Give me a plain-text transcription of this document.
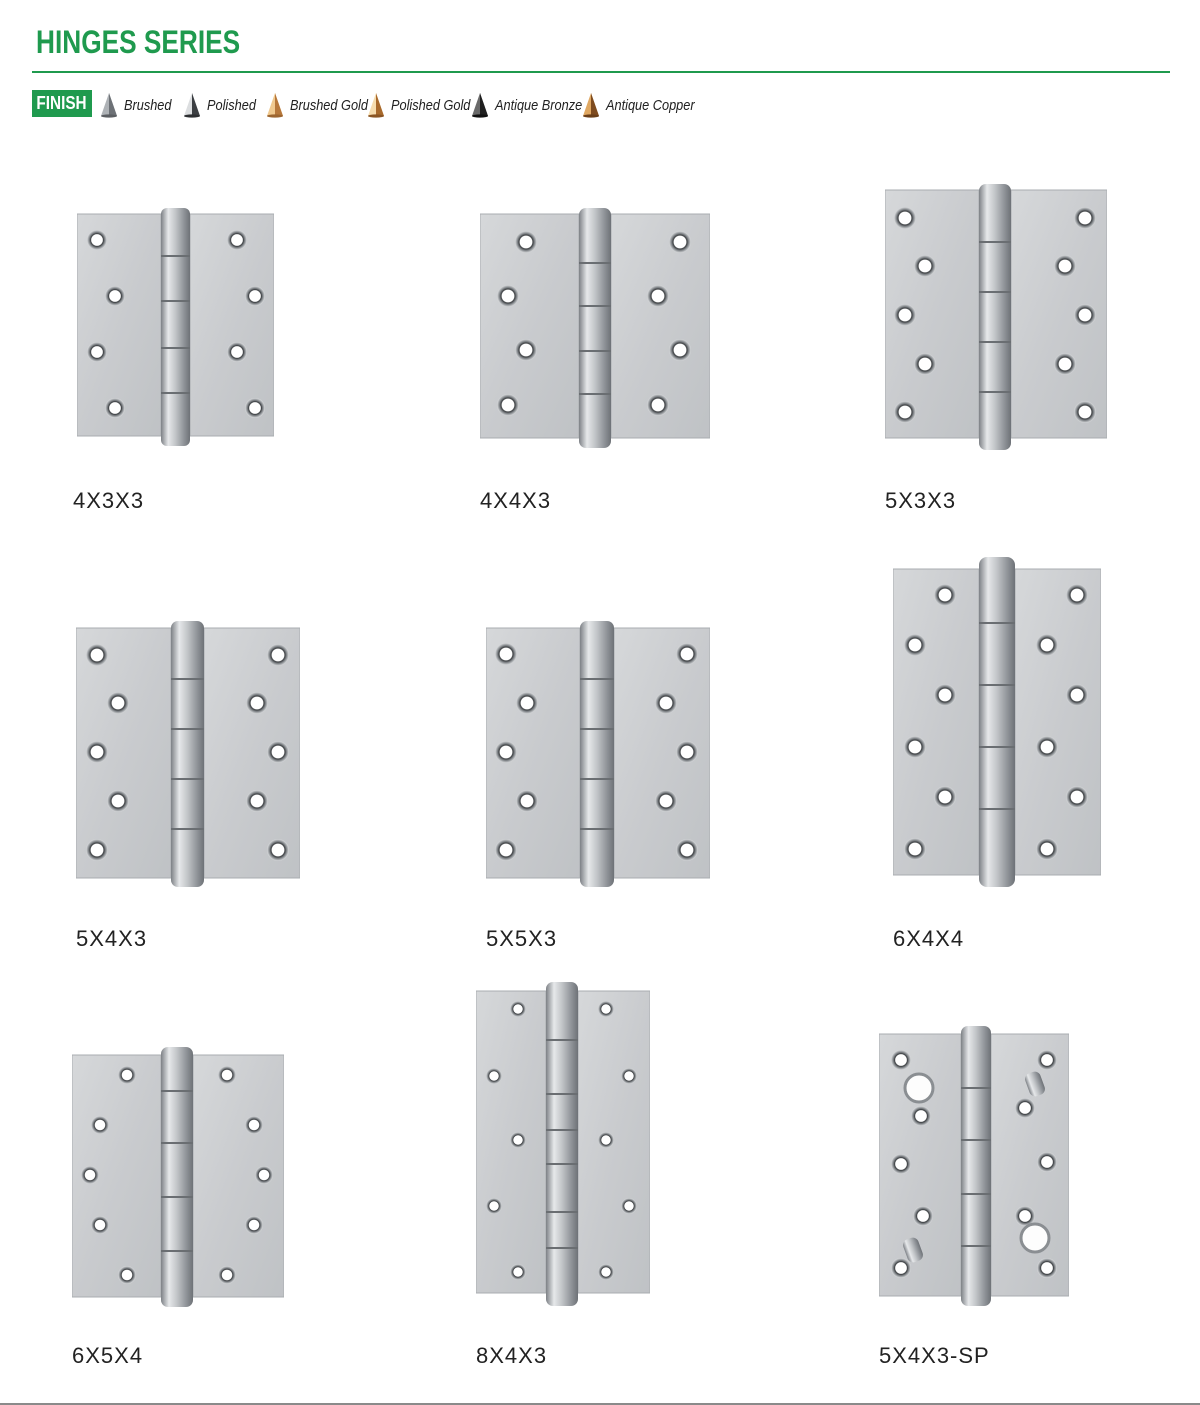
HINGES SERIES
FINISH Brushed Polished Brushed Gold Polished Gold Antique Bronze Antique Copper
4X3X3	4X4X3	5X3X3
5X4X3	5X5X3	6X4X4
6X5X4	8X4X3	5X4X3-SP
